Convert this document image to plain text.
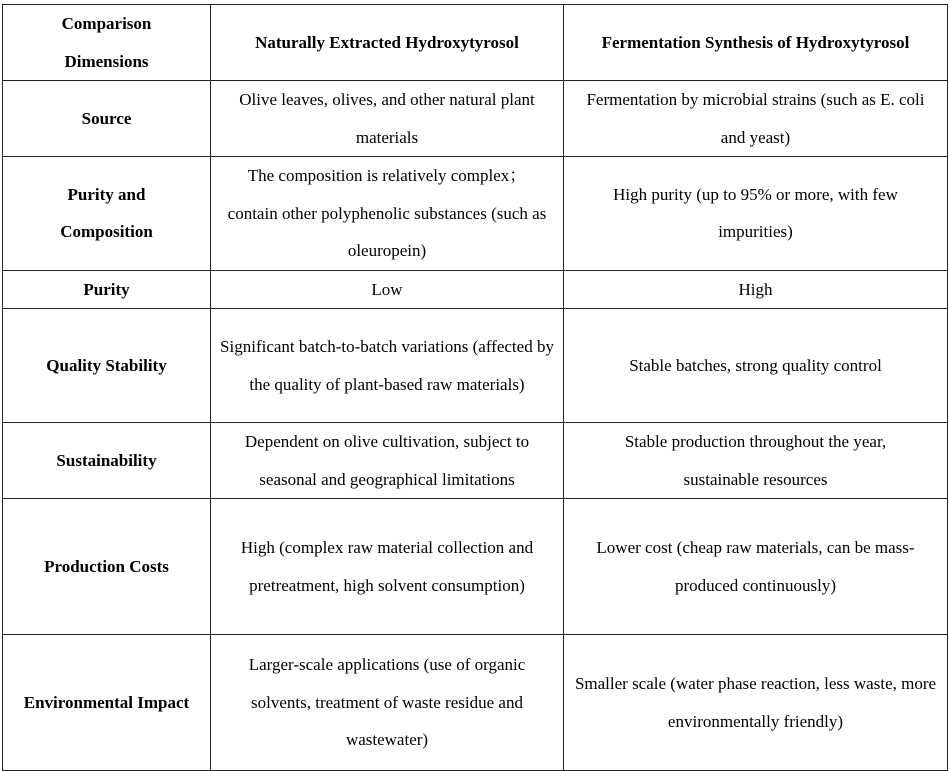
Comparison Dimensions	Naturally Extracted Hydroxytyrosol	Fermentation Synthesis of Hydroxytyrosol
Source	Olive leaves, olives, and other natural plant materials	Fermentation by microbial strains (such as E. coli and yeast)
Purity and Composition	The composition is relatively complex；contain other polyphenolic substances (such as oleuropein)	High purity (up to 95% or more, with few impurities)
Purity	Low	High
Quality Stability	Significant batch-to-batch variations (affected by the quality of plant-based raw materials)	Stable batches, strong quality control
Sustainability	Dependent on olive cultivation, subject to seasonal and geographical limitations	Stable production throughout the year, sustainable resources
Production Costs	High (complex raw material collection and pretreatment, high solvent consumption)	Lower cost (cheap raw materials, can be mass-produced continuously)
Environmental Impact	Larger-scale applications (use of organic solvents, treatment of waste residue and wastewater)	Smaller scale (water phase reaction, less waste, more environmentally friendly)
